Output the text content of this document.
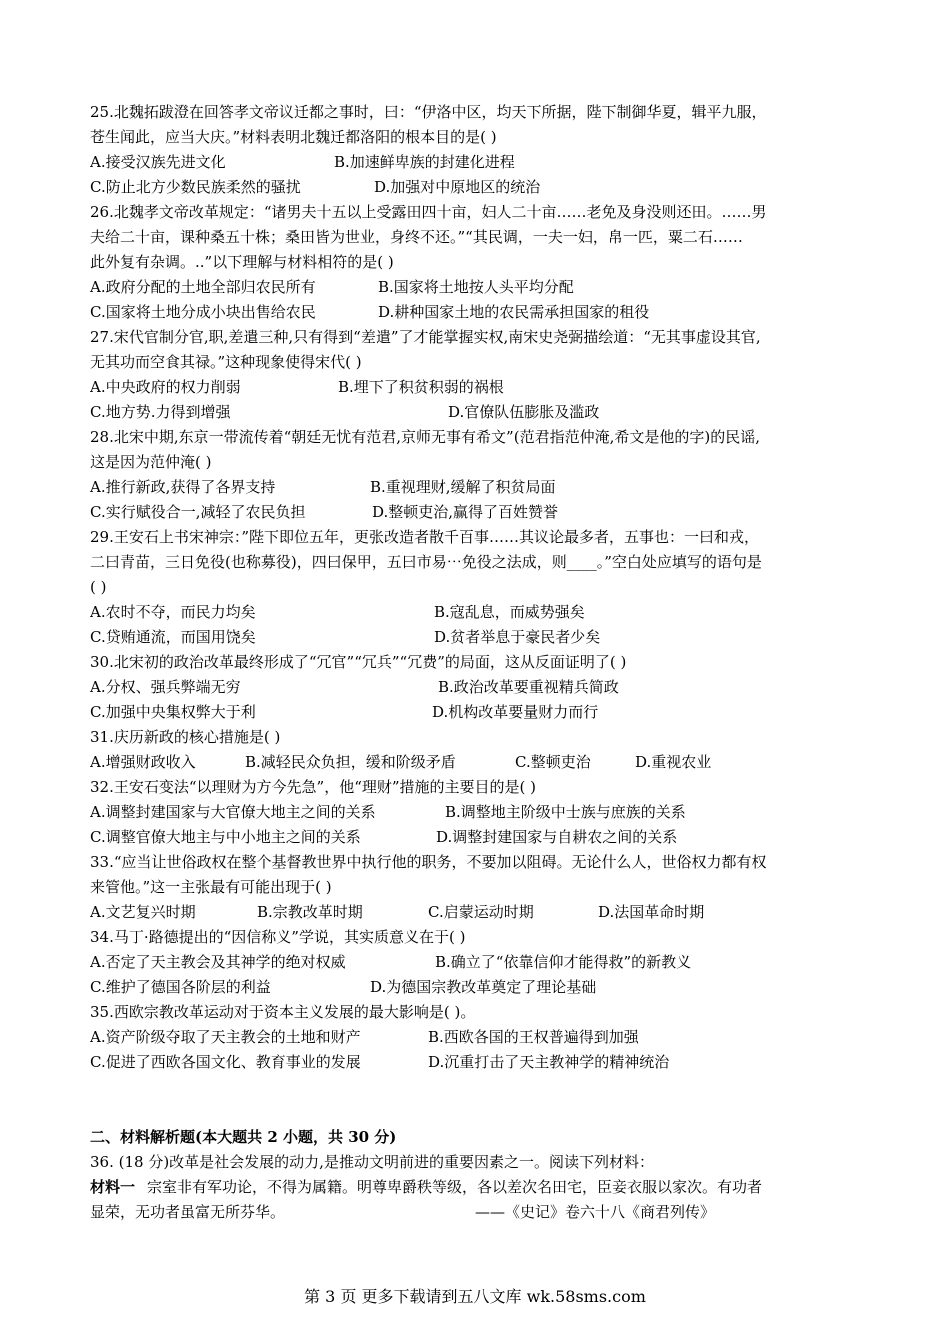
25.北魏拓跋澄在回答孝文帝议迁都之事时，曰：“伊洛中区，均天下所据，陛下制御华夏，辑平九服，
苍生闻此，应当大庆。”材料表明北魏迁都洛阳的根本目的是( )
A.接受汉族先进文化	B.加速鲜卑族的封建化进程
C.防止北方少数民族柔然的骚扰	D.加强对中原地区的统治
26.北魏孝文帝改革规定：“诸男夫十五以上受露田四十亩，妇人二十亩……老免及身没则还田。……男
夫给二十亩，课种桑五十株；桑田皆为世业，身终不还。”“其民调，一夫一妇，帛一匹，粟二石……
此外复有杂调。..”以下理解与材料相符的是( )
A.政府分配的土地全部归农民所有	B.国家将土地按人头平均分配
C.国家将土地分成小块出售给农民	D.耕种国家土地的农民需承担国家的租役
27.宋代官制分官,职,差遣三种,只有得到“差遣”了才能掌握实权,南宋史尧弼描绘道：“无其事虚设其官,
无其功而空食其禄。”这种现象使得宋代( )
A.中央政府的权力削弱	B.埋下了积贫积弱的祸根
C.地方势.力得到增强	D.官僚队伍膨胀及滥政
28.北宋中期,东京一带流传着“朝廷无忧有范君,京师无事有希文”(范君指范仲淹,希文是他的字)的民谣,
这是因为范仲淹( )
A.推行新政,获得了各界支持	B.重视理财,缓解了积贫局面
C.实行赋役合一,减轻了农民负担	D.整顿吏治,赢得了百姓赞誉
29.王安石上书宋神宗：”陛下即位五年，更张改造者散千百事……其议论最多者，五事也：一曰和戎，
二曰青苗，三日免役(也称募役)，四曰保甲，五曰市易⋯免役之法成，则____。”空白处应填写的语句是
( )
A.农时不夺，而民力均矣	B.寇乱息，而威势强矣
C.贷贿通流，而国用饶矣	D.贫者举息于豪民者少矣
30.北宋初的政治改革最终形成了“冗官”“冗兵”“冗费”的局面，这从反面证明了( )
A.分权、强兵弊端无穷	B.政治改革要重视精兵简政
C.加强中央集权弊大于利	D.机构改革要量财力而行
31.庆历新政的核心措施是( )
A.增强财政收入	B.减轻民众负担，缓和阶级矛盾	C.整顿吏治	D.重视农业
32.王安石变法“以理财为方今先急”，他“理财”措施的主要目的是( )
A.调整封建国家与大官僚大地主之间的关系	B.调整地主阶级中士族与庶族的关系
C.调整官僚大地主与中小地主之间的关系	D.调整封建国家与自耕农之间的关系
33.“应当让世俗政权在整个基督教世界中执行他的职务，不要加以阻碍。无论什么人，世俗权力都有权
来管他。”这一主张最有可能出现于( )
A.文艺复兴时期	B.宗教改革时期	C.启蒙运动时期	D.法国革命时期
34.马丁·路德提出的“因信称义”学说，其实质意义在于( )
A.否定了天主教会及其神学的绝对权威	B.确立了“依靠信仰才能得救”的新教义
C.维护了德国各阶层的利益	D.为德国宗教改革奠定了理论基础
35.西欧宗教改革运动对于资本主义发展的最大影响是( )。
A.资产阶级夺取了天主教会的土地和财产	B.西欧各国的王权普遍得到加强
C.促进了西欧各国文化、教育事业的发展	D.沉重打击了天主教神学的精神统治
二、材料解析题(本大题共 2 小题，共 30 分)
36. (18 分)改革是社会发展的动力,是推动文明前进的重要因素之一。阅读下列材料：
材料一 宗室非有军功论，不得为属籍。明尊卑爵秩等级，各以差次名田宅，臣妾衣服以家次。有功者
显荣，无功者虽富无所芬华。	——《史记》卷六十八《商君列传》
第 3 页 更多下载请到五八文库 wk.58sms.com
